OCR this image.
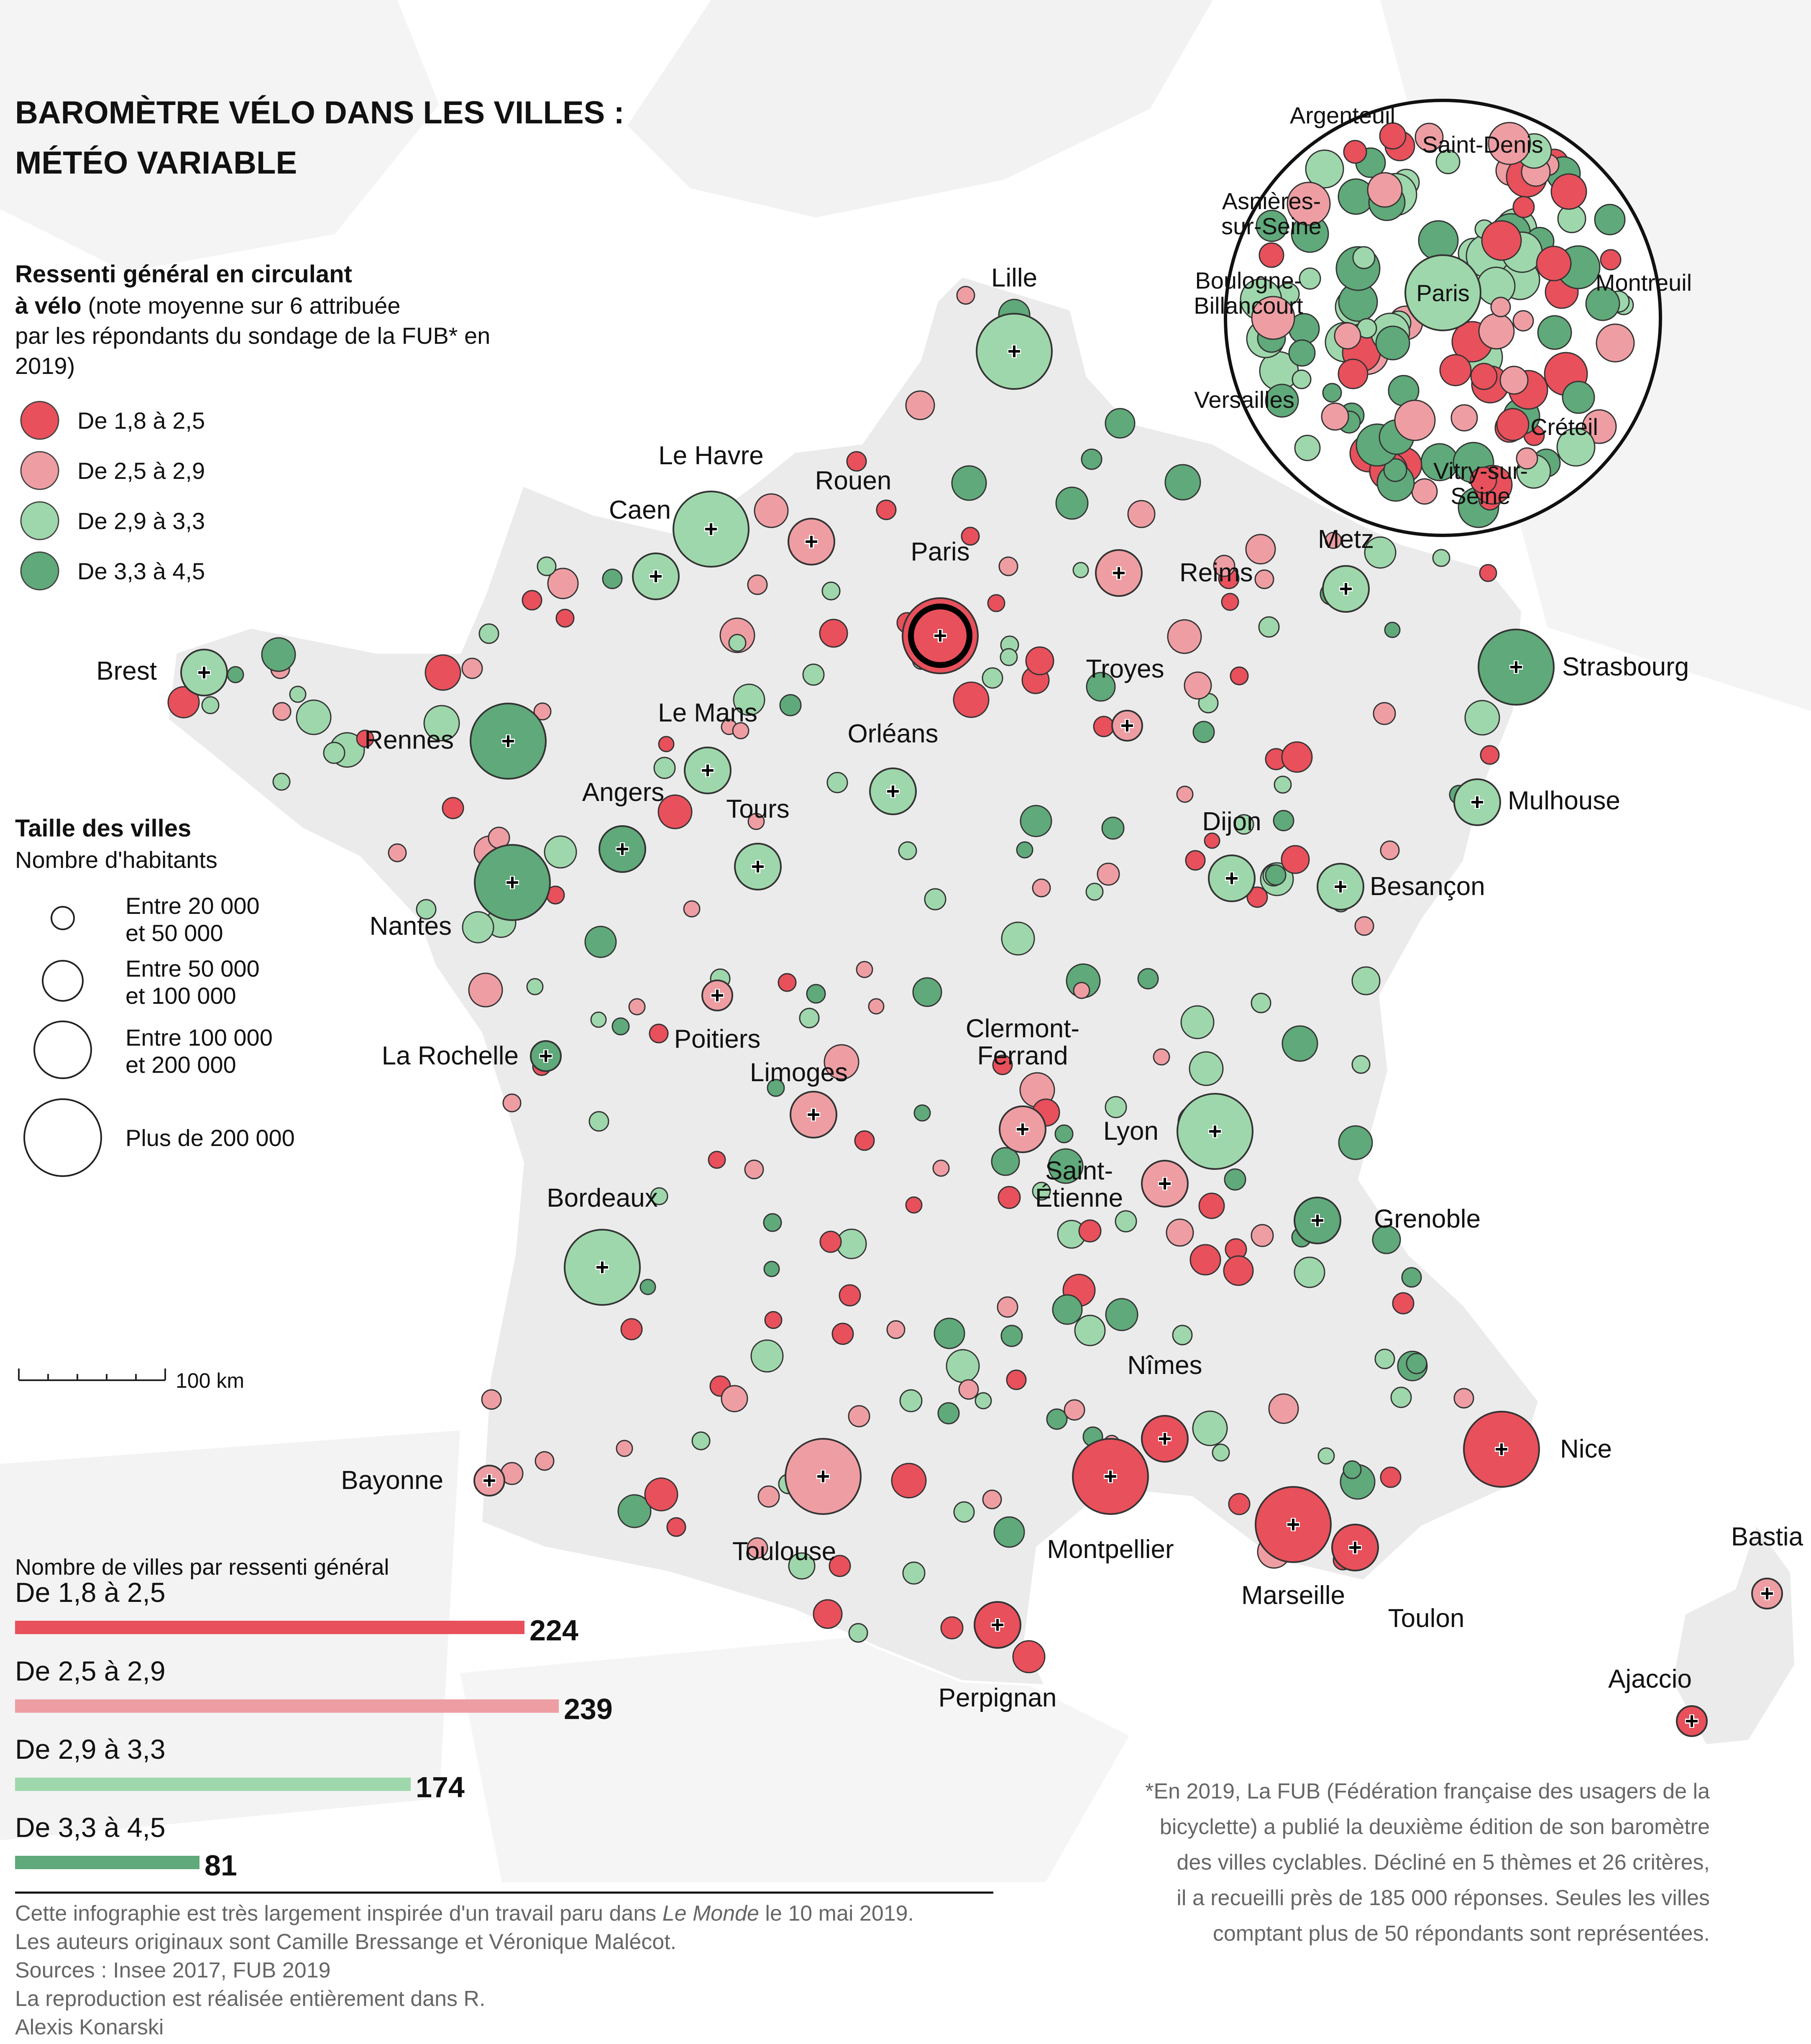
Lille
Le Havre
Rouen
Caen
Reims
Metz
Strasbourg
Brest
Rennes
Le Mans
Orléans
Troyes
Angers
Tours	Dijon
Mulhouse
Besançon
Nantes
Poitiers
La Rochelle
Limoges
Clermont-
Ferrand
Lyon
Saint-
Étienne
Grenoble
Bordeaux
Bayonne
Toulouse	Montpellier
Nîmes
Marseille
Toulon
Nice
Perpignan
Bastia
Ajaccio
Paris
Paris
Argenteuil
Saint-Denis
Asnières-
sur-Seine
Montreuil
Boulogne-
Billancourt
Versailles
Créteil
Vitry-sur-
Seine
BAROMÈTRE VÉLO DANS LES VILLES :
MÉTÉO VARIABLE
Ressenti général en circulant
à vélo (note moyenne sur 6 attribuée
par les répondants du sondage de la FUB* en
2019)
De 1,8 à 2,5
De 2,5 à 2,9
De 2,9 à 3,3
De 3,3 à 4,5
Taille des villes
Nombre d'habitants
Entre 20 000
et 50 000
Entre 50 000
et 100 000
Entre 100 000
et 200 000
Plus de 200 000
100 km
Nombre de villes par ressenti général
De 1,8 à 2,5
224
De 2,5 à 2,9
239
De 2,9 à 3,3
174
De 3,3 à 4,5
81
Cette infographie est très largement inspirée d'un travail paru dans Le Monde le 10 mai 2019.
Les auteurs originaux sont Camille Bressange et Véronique Malécot.
Sources : Insee 2017, FUB 2019
La reproduction est réalisée entièrement dans R.
Alexis Konarski
*En 2019, La FUB (Fédération française des usagers de la
bicyclette) a publié la deuxième édition de son baromètre
des villes cyclables. Décliné en 5 thèmes et 26 critères,
il a recueilli près de 185 000 réponses. Seules les villes
comptant plus de 50 répondants sont représentées.
